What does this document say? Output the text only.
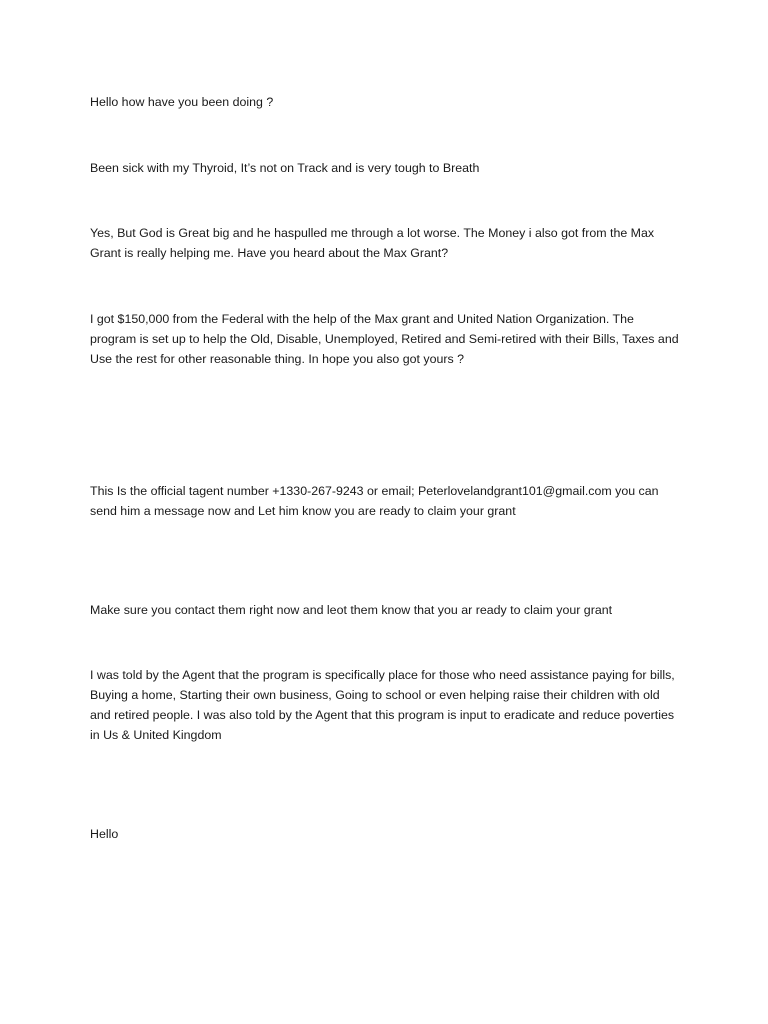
Hello how have you been doing ?

Been sick with my Thyroid, It’s not on Track and is very tough to Breath

Yes, But God is Great big and he haspulled me through a lot worse. The Money i also got from the Max Grant is really helping me. Have you heard about the Max Grant?

I got $150,000 from the Federal with the help of the Max grant and United Nation Organization. The program is set up to help the Old, Disable, Unemployed, Retired and Semi-retired with their Bills, Taxes and Use the rest for other reasonable thing. In hope you also got yours ?

This Is the official tagent number +1330-267-9243 or email; Peterlovelandgrant101@gmail.com you can send him a message now and Let him know you are ready to claim your grant

Make sure you contact them right now and leot them know that you ar ready to claim your grant

I was told by the Agent that the program is specifically place for those who need assistance paying for bills, Buying a home, Starting their own business, Going to school or even helping raise their children with old and retired people. I was also told by the Agent that this program is input to eradicate and reduce poverties in Us & United Kingdom

Hello
